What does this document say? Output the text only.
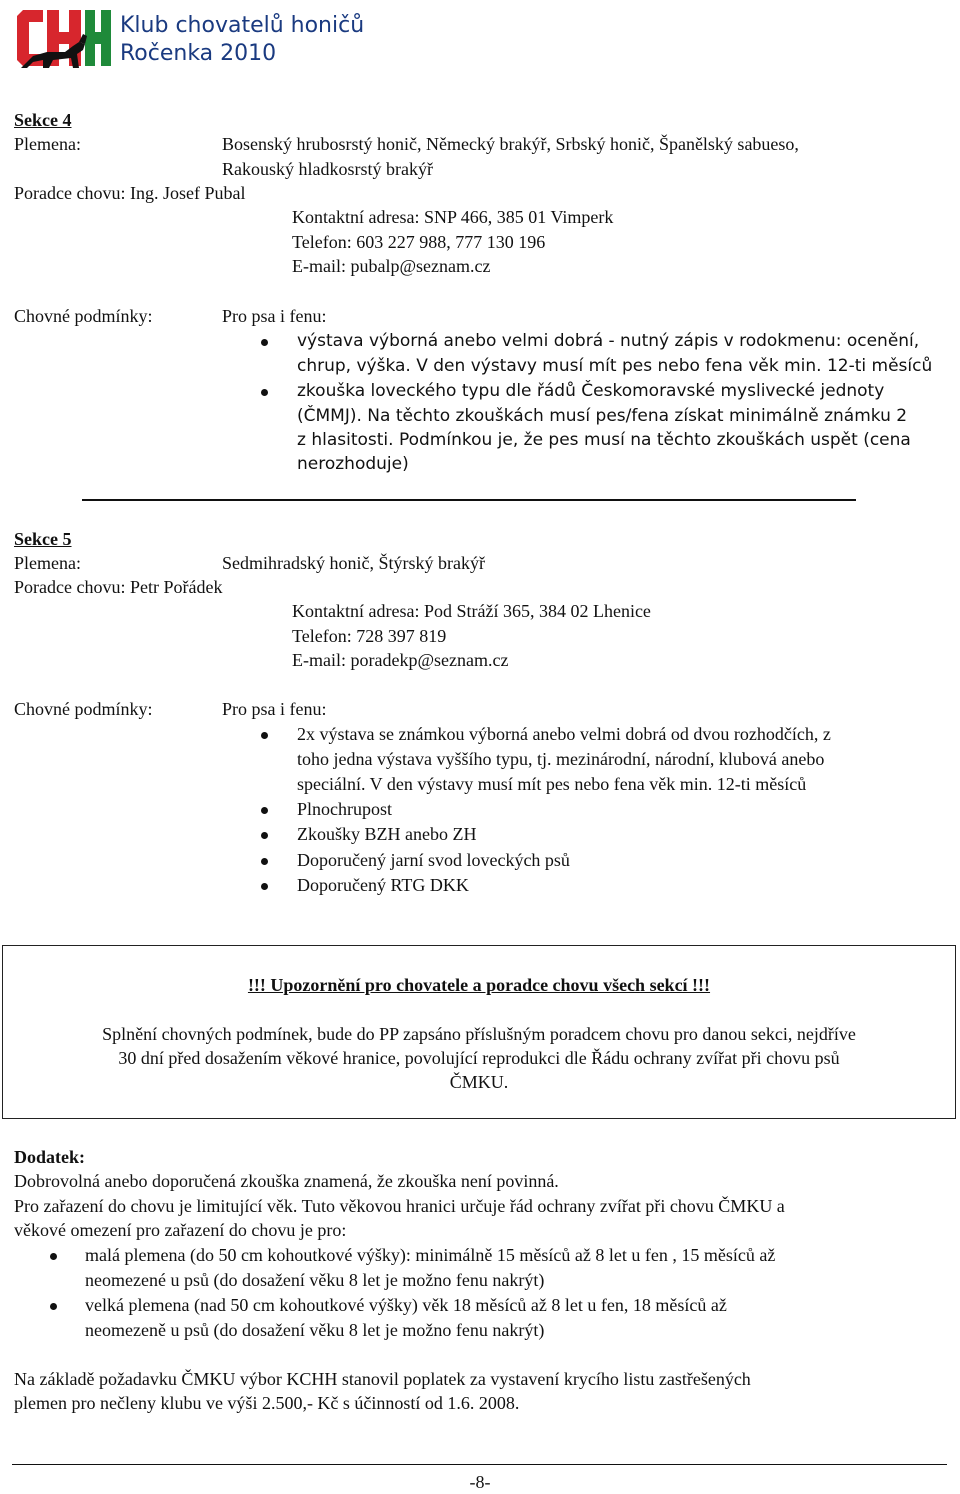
Klub chovatelů honičů
Ročenka 2010
Sekce 4
Plemena:	Bosenský hrubosrstý honič, Německý brakýř, Srbský honič, Španělský sabueso,
Rakouský hladkosrstý brakýř
Poradce chovu: Ing. Josef Pubal
Kontaktní adresa: SNP 466, 385 01 Vimperk
Telefon: 603 227 988, 777 130 196
E-mail: pubalp@seznam.cz
Chovné podmínky:	Pro psa i fenu:
výstava výborná anebo velmi dobrá - nutný zápis v rodokmenu: ocenění,
chrup, výška. V den výstavy musí mít pes nebo fena věk min. 12-ti měsíců
zkouška loveckého typu dle řádů Českomoravské myslivecké jednoty
(ČMMJ). Na těchto zkouškách musí pes/fena získat minimálně známku 2
z hlasitosti. Podmínkou je, že pes musí na těchto zkouškách uspět (cena
nerozhoduje)
Sekce 5
Plemena:	Sedmihradský honič, Štýrský brakýř
Poradce chovu: Petr Pořádek
Kontaktní adresa: Pod Stráží 365, 384 02 Lhenice
Telefon: 728 397 819
E-mail: poradekp@seznam.cz
Chovné podmínky:	Pro psa i fenu:
2x výstava se známkou výborná anebo velmi dobrá od dvou rozhodčích, z
toho jedna výstava vyššího typu, tj. mezinárodní, národní, klubová anebo
speciální. V den výstavy musí mít pes nebo fena věk min. 12-ti měsíců
Plnochrupost
Zkoušky BZH anebo ZH
Doporučený jarní svod loveckých psů
Doporučený RTG DKK
!!! Upozornění pro chovatele a poradce chovu všech sekcí !!!
Splnění chovných podmínek, bude do PP zapsáno příslušným poradcem chovu pro danou sekci, nejdříve
30 dní před dosažením věkové hranice, povolující reprodukci dle Řádu ochrany zvířat při chovu psů
ČMKU.
Dodatek:
Dobrovolná anebo doporučená zkouška znamená, že zkouška není povinná.
Pro zařazení do chovu je limitující věk. Tuto věkovou hranici určuje řád ochrany zvířat při chovu ČMKU a
věkové omezení pro zařazení do chovu je pro:
malá plemena (do 50 cm kohoutkové výšky): minimálně 15 měsíců až 8 let u fen , 15 měsíců až
neomezené u psů (do dosažení věku 8 let je možno fenu nakrýt)
velká plemena (nad 50 cm kohoutkové výšky) věk 18 měsíců až 8 let u fen, 18 měsíců až
neomezeně u psů (do dosažení věku 8 let je možno fenu nakrýt)
Na základě požadavku ČMKU výbor KCHH stanovil poplatek za vystavení krycího listu zastřešených
plemen pro nečleny klubu ve výši 2.500,- Kč s účinností od 1.6. 2008.
-8-
